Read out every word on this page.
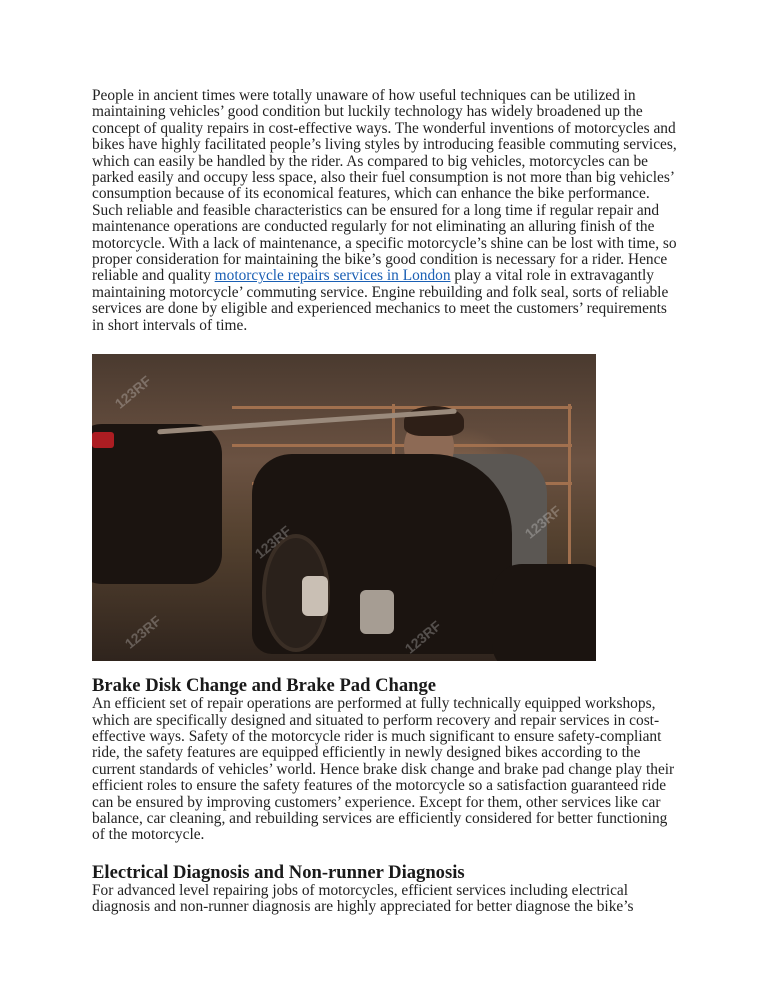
People in ancient times were totally unaware of how useful techniques can be utilized in maintaining vehicles’ good condition but luckily technology has widely broadened up the concept of quality repairs in cost-effective ways. The wonderful inventions of motorcycles and bikes have highly facilitated people’s living styles by introducing feasible commuting services, which can easily be handled by the rider. As compared to big vehicles, motorcycles can be parked easily and occupy less space, also their fuel consumption is not more than big vehicles’ consumption because of its economical features, which can enhance the bike performance. Such reliable and feasible characteristics can be ensured for a long time if regular repair and maintenance operations are conducted regularly for not eliminating an alluring finish of the motorcycle. With a lack of maintenance, a specific motorcycle’s shine can be lost with time, so proper consideration for maintaining the bike’s good condition is necessary for a rider. Hence reliable and quality motorcycle repairs services in London play a vital role in extravagantly maintaining motorcycle’ commuting service. Engine rebuilding and folk seal, sorts of reliable services are done by eligible and experienced mechanics to meet the customers’ requirements in short intervals of time.

123RF
123RF
123RF
123RF	123RF
Brake Disk Change and Brake Pad Change

An efficient set of repair operations are performed at fully technically equipped workshops, which are specifically designed and situated to perform recovery and repair services in cost-effective ways. Safety of the motorcycle rider is much significant to ensure safety-compliant ride, the safety features are equipped efficiently in newly designed bikes according to the current standards of vehicles’ world. Hence brake disk change and brake pad change play their efficient roles to ensure the safety features of the motorcycle so a satisfaction guaranteed ride can be ensured by improving customers’ experience. Except for them, other services like car balance, car cleaning, and rebuilding services are efficiently considered for better functioning of the motorcycle.

Electrical Diagnosis and Non-runner Diagnosis

For advanced level repairing jobs of motorcycles, efficient services including electrical diagnosis and non-runner diagnosis are highly appreciated for better diagnose the bike’s
